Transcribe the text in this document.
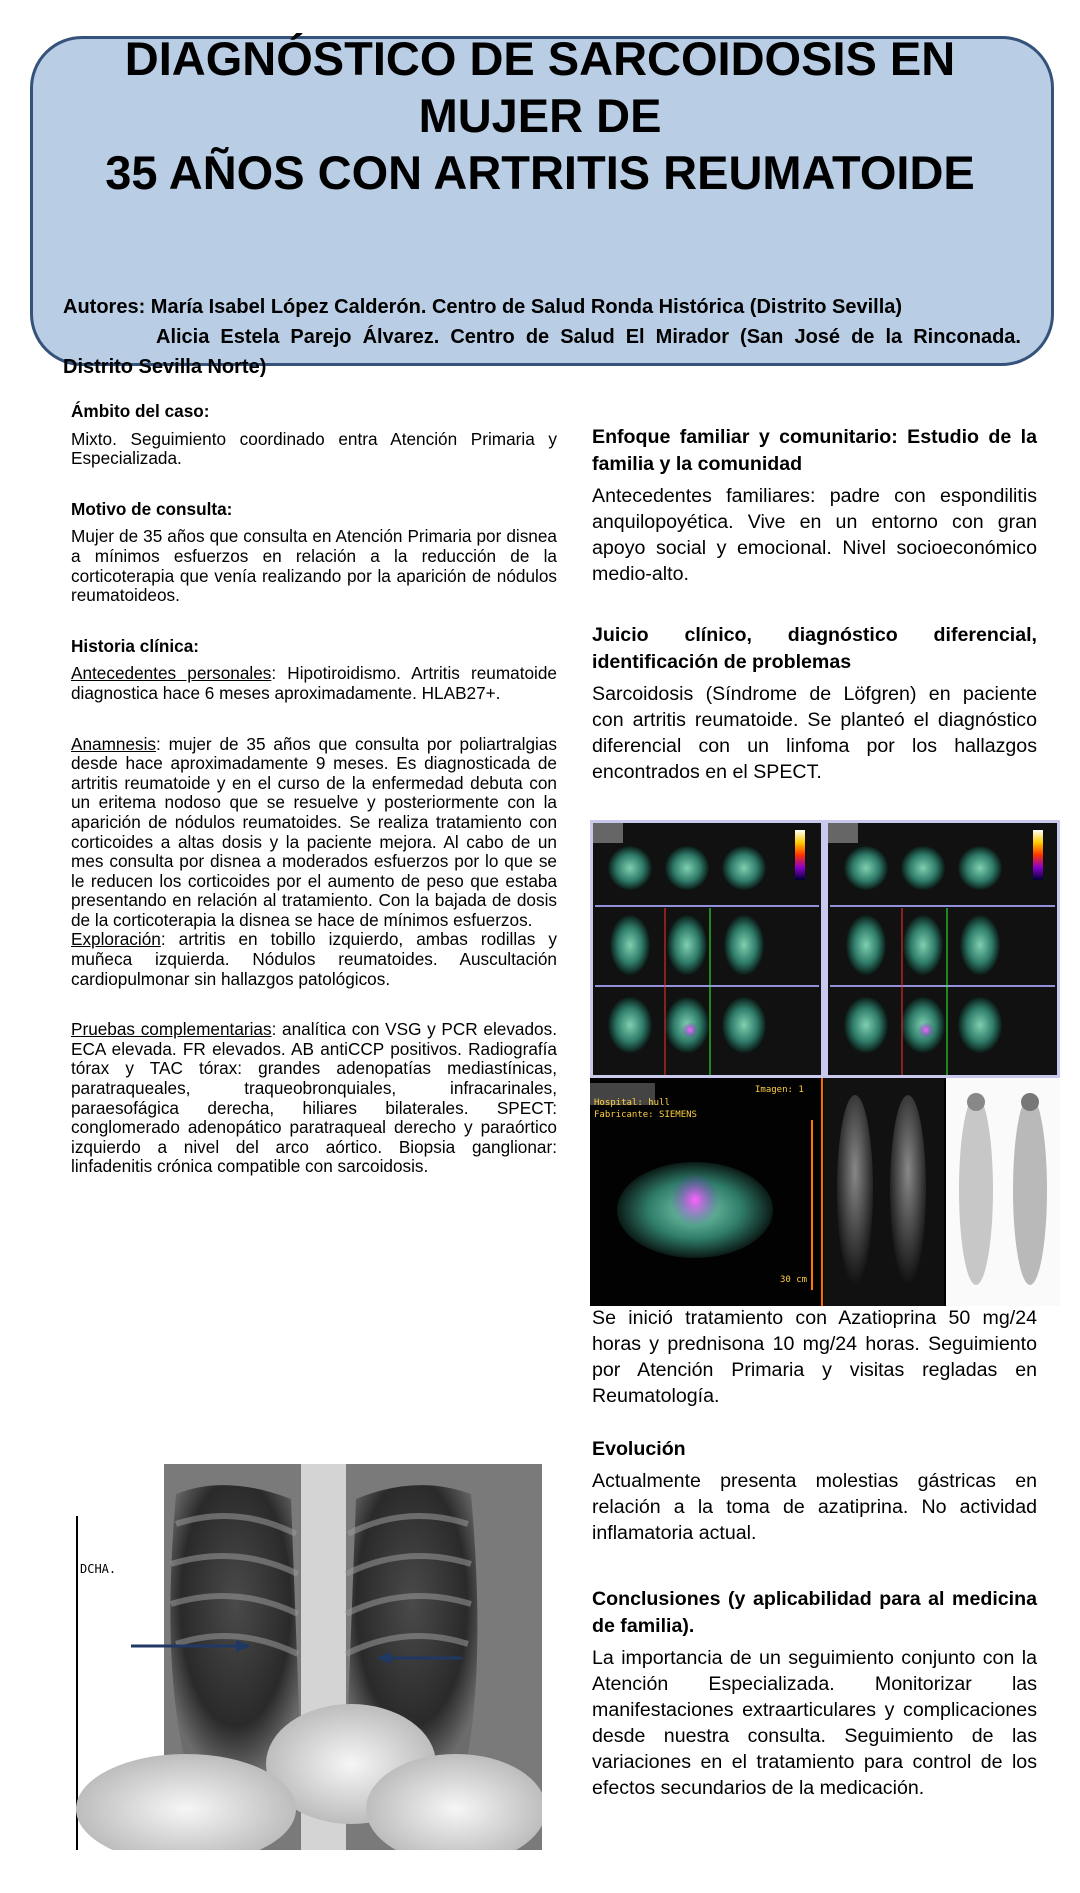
DIAGNÓSTICO DE SARCOIDOSIS EN
MUJER DE
35 AÑOS CON ARTRITIS REUMATOIDE
Autores: María Isabel López Calderón. Centro de Salud Ronda Histórica (Distrito Sevilla)
Alicia Estela Parejo Álvarez. Centro de Salud El Mirador (San José de la Rinconada. Distrito Sevilla Norte)
Ámbito del caso:

Mixto. Seguimiento coordinado entra Atención Primaria y Especializada.

Motivo de consulta:

Mujer de 35 años que consulta en Atención Primaria por disnea a mínimos esfuerzos en relación a la reducción de la corticoterapia que venía realizando por la aparición de nódulos reumatoideos.

Historia clínica:

Antecedentes personales: Hipotiroidismo. Artritis reumatoide diagnostica hace 6 meses aproximadamente. HLAB27+.

Anamnesis: mujer de 35 años que consulta por poliartralgias desde hace aproximadamente 9 meses. Es diagnosticada de artritis reumatoide y en el curso de la enfermedad debuta con un eritema nodoso que se resuelve y posteriormente con la aparición de nódulos reumatoides. Se realiza tratamiento con corticoides a altas dosis y la paciente mejora. Al cabo de un mes consulta por disnea a moderados esfuerzos por lo que se le reducen los corticoides por el aumento de peso que estaba presentando en relación al tratamiento. Con la bajada de dosis de la corticoterapia la disnea se hace de mínimos esfuerzos.

Exploración: artritis en tobillo izquierdo, ambas rodillas y muñeca izquierda. Nódulos reumatoides. Auscultación cardiopulmonar sin hallazgos patológicos.

Pruebas complementarias: analítica con VSG y PCR elevados. ECA elevada. FR elevados. AB antiCCP positivos. Radiografía tórax y TAC tórax: grandes adenopatías mediastínicas, paratraqueales, traqueobronquiales, infracarinales, paraesofágica derecha, hiliares bilaterales. SPECT: conglomerado adenopático paratraqueal derecho y paraórtico izquierdo a nivel del arco aórtico. Biopsia ganglionar: linfadenitis crónica compatible con sarcoidosis.

Enfoque familiar y comunitario: Estudio de la familia y la comunidad

Antecedentes familiares: padre con espondilitis anquilopoyética. Vive en un entorno con gran apoyo social y emocional. Nivel socioeconómico medio-alto.

Juicio clínico, diagnóstico diferencial, identificación de problemas

Sarcoidosis (Síndrome de Löfgren) en paciente con artritis reumatoide. Se planteó el diagnóstico diferencial con un linfoma por los hallazgos encontrados en el SPECT.

Hospital: hull
Fabricante: SIEMENS
Imagen: 1
30 cm

Se inició tratamiento con Azatioprina 50 mg/24 horas y prednisona 10 mg/24 horas. Seguimiento por Atención Primaria y visitas regladas en Reumatología.

Evolución

Actualmente presenta molestias gástricas en relación a la toma de azatiprina. No actividad inflamatoria actual.

Conclusiones (y aplicabilidad para al medicina de familia).

La importancia de un seguimiento conjunto con la Atención Especializada. Monitorizar las manifestaciones extraarticulares y complicaciones desde nuestra consulta. Seguimiento de las variaciones en el tratamiento para control de los efectos secundarios de la medicación.

DCHA.
